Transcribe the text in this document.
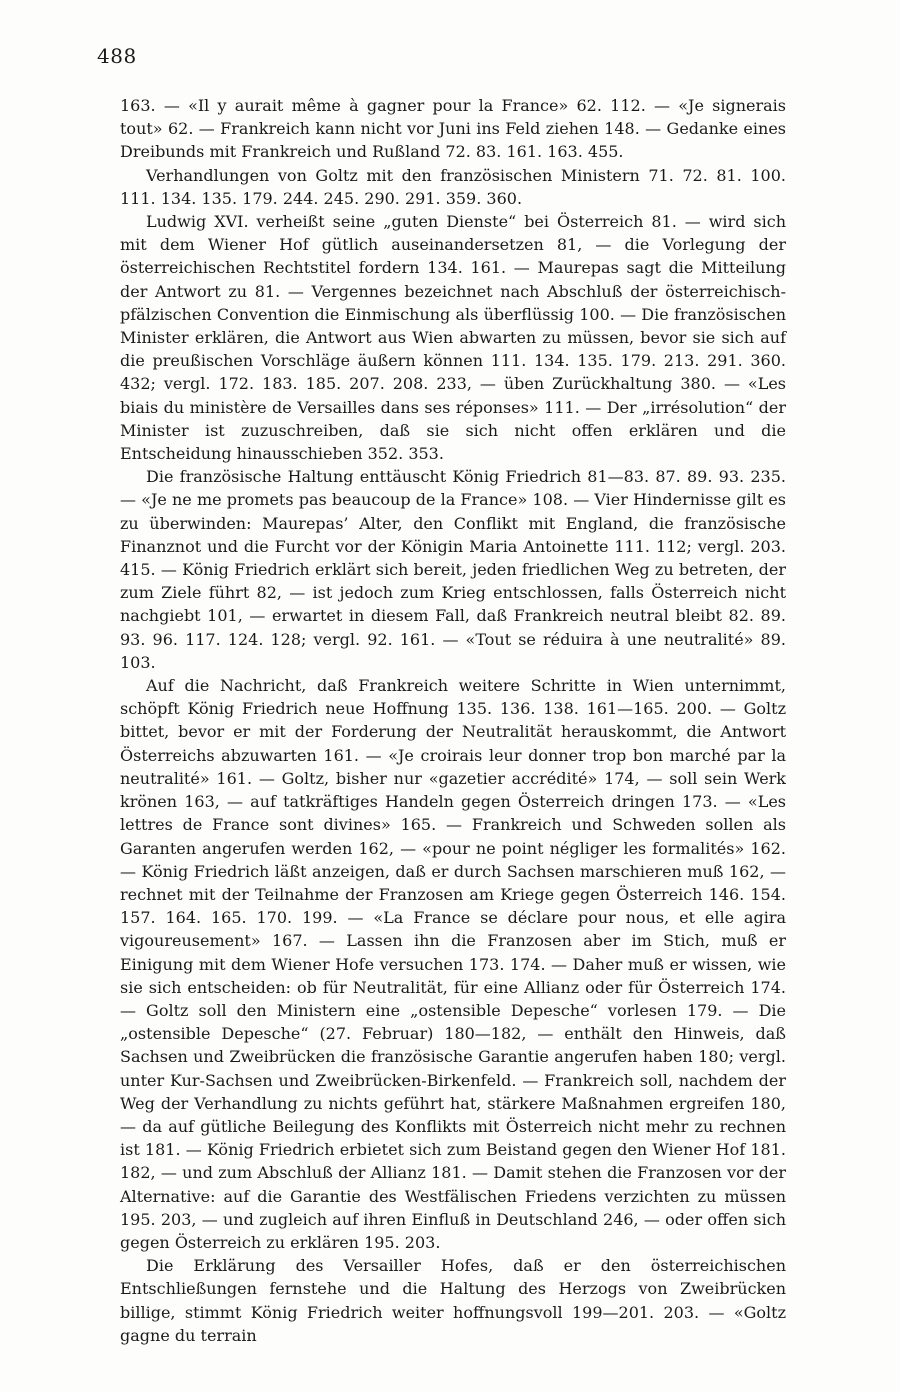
488

163. — «Il y aurait même à gagner pour la France» 62. 112. — «Je signerais tout» 62. — Frankreich kann nicht vor Juni ins Feld ziehen 148. — Gedanke eines Dreibunds mit Frankreich und Rußland 72. 83. 161. 163. 455.

Verhandlungen von Goltz mit den französischen Ministern 71. 72. 81. 100. 111. 134. 135. 179. 244. 245. 290. 291. 359. 360.

Ludwig XVI. verheißt seine „guten Dienste“ bei Österreich 81. — wird sich mit dem Wiener Hof gütlich auseinandersetzen 81, — die Vorlegung der österreichischen Rechtstitel fordern 134. 161. — Maurepas sagt die Mitteilung der Antwort zu 81. — Vergennes bezeichnet nach Abschluß der österreichisch-pfälzischen Convention die Einmischung als überflüssig 100. — Die französischen Minister erklären, die Antwort aus Wien abwarten zu müssen, bevor sie sich auf die preußischen Vorschläge äußern können 111. 134. 135. 179. 213. 291. 360. 432; vergl. 172. 183. 185. 207. 208. 233, — üben Zurückhaltung 380. — «Les biais du ministère de Versailles dans ses réponses» 111. — Der „irrésolution“ der Minister ist zuzuschreiben, daß sie sich nicht offen erklären und die Entscheidung hinausschieben 352. 353.

Die französische Haltung enttäuscht König Friedrich 81—83. 87. 89. 93. 235. — «Je ne me promets pas beaucoup de la France» 108. — Vier Hindernisse gilt es zu überwinden: Maurepas’ Alter, den Conflikt mit England, die französische Finanznot und die Furcht vor der Königin Maria Antoinette 111. 112; vergl. 203. 415. — König Friedrich erklärt sich bereit, jeden friedlichen Weg zu betreten, der zum Ziele führt 82, — ist jedoch zum Krieg entschlossen, falls Österreich nicht nachgiebt 101, — erwartet in diesem Fall, daß Frankreich neutral bleibt 82. 89. 93. 96. 117. 124. 128; vergl. 92. 161. — «Tout se réduira à une neutralité» 89. 103.

Auf die Nachricht, daß Frankreich weitere Schritte in Wien unternimmt, schöpft König Friedrich neue Hoffnung 135. 136. 138. 161—165. 200. — Goltz bittet, bevor er mit der Forderung der Neutralität herauskommt, die Antwort Österreichs abzuwarten 161. — «Je croirais leur donner trop bon marché par la neutralité» 161. — Goltz, bisher nur «gazetier accrédité» 174, — soll sein Werk krönen 163, — auf tatkräftiges Handeln gegen Österreich dringen 173. — «Les lettres de France sont divines» 165. — Frankreich und Schweden sollen als Garanten angerufen werden 162, — «pour ne point négliger les formalités» 162. — König Friedrich läßt anzeigen, daß er durch Sachsen marschieren muß 162, — rechnet mit der Teilnahme der Franzosen am Kriege gegen Österreich 146. 154. 157. 164. 165. 170. 199. — «La France se déclare pour nous, et elle agira vigoureusement» 167. — Lassen ihn die Franzosen aber im Stich, muß er Einigung mit dem Wiener Hofe versuchen 173. 174. — Daher muß er wissen, wie sie sich entscheiden: ob für Neutralität, für eine Allianz oder für Österreich 174. — Goltz soll den Ministern eine „ostensible Depesche“ vorlesen 179. — Die „ostensible Depesche“ (27. Februar) 180—182, — enthält den Hinweis, daß Sachsen und Zweibrücken die französische Garantie angerufen haben 180; vergl. unter Kur-Sachsen und Zweibrücken-Birkenfeld. — Frankreich soll, nachdem der Weg der Verhandlung zu nichts geführt hat, stärkere Maßnahmen ergreifen 180, — da auf gütliche Beilegung des Konflikts mit Österreich nicht mehr zu rechnen ist 181. — König Friedrich erbietet sich zum Beistand gegen den Wiener Hof 181. 182, — und zum Abschluß der Allianz 181. — Damit stehen die Franzosen vor der Alternative: auf die Garantie des Westfälischen Friedens verzichten zu müssen 195. 203, — und zugleich auf ihren Einfluß in Deutschland 246, — oder offen sich gegen Österreich zu erklären 195. 203.

Die Erklärung des Versailler Hofes, daß er den österreichischen Entschließungen fernstehe und die Haltung des Herzogs von Zweibrücken billige, stimmt König Friedrich weiter hoffnungsvoll 199—201. 203. — «Goltz gagne du terrain
